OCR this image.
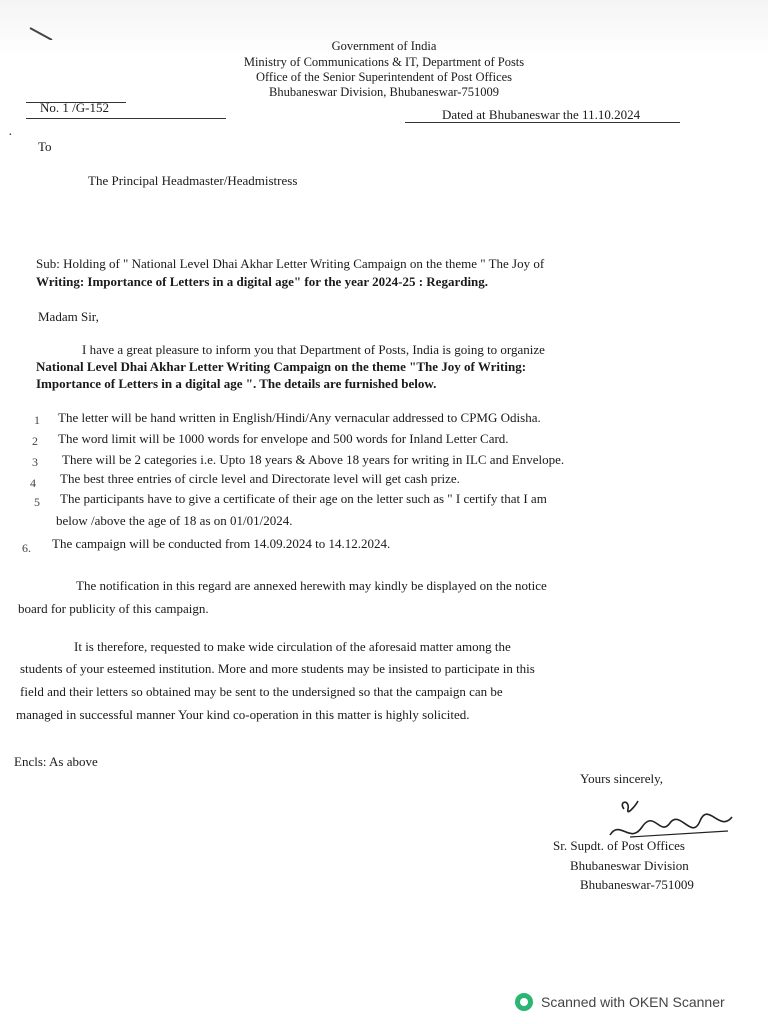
Government of India
Ministry of Communications & IT, Department of Posts
Office of the Senior Superintendent of Post Offices
Bhubaneswar Division, Bhubaneswar-751009
No. 1 /G-152	Dated at Bhubaneswar the 11.10.2024
·
To
The Principal Headmaster/Headmistress
Sub: Holding of " National Level Dhai Akhar Letter Writing Campaign on the theme " The Joy of
Writing: Importance of Letters in a digital age" for the year 2024-25 : Regarding.
Madam Sir,
I have a great pleasure to inform you that Department of Posts, India is going to organize
National Level Dhai Akhar Letter Writing Campaign on the theme "The Joy of Writing:
Importance of Letters in a digital age ". The details are furnished below.
1 The letter will be hand written in English/Hindi/Any vernacular addressed to CPMG Odisha.
2 The word limit will be 1000 words for envelope and 500 words for Inland Letter Card.
3 There will be 2 categories i.e. Upto 18 years & Above 18 years for writing in ILC and Envelope.
4 The best three entries of circle level and Directorate level will get cash prize.
5 The participants have to give a certificate of their age on the letter such as " I certify that I am
below /above the age of 18 as on 01/01/2024.
6. The campaign will be conducted from 14.09.2024 to 14.12.2024.
The notification in this regard are annexed herewith may kindly be displayed on the notice
board for publicity of this campaign.
It is therefore, requested to make wide circulation of the aforesaid matter among the
students of your esteemed institution. More and more students may be insisted to participate in this
field and their letters so obtained may be sent to the undersigned so that the campaign can be
managed in successful manner Your kind co-operation in this matter is highly solicited.
Encls: As above
Yours sincerely,
Sr. Supdt. of Post Offices
Bhubaneswar Division
Bhubaneswar-751009
Scanned with OKEN Scanner
